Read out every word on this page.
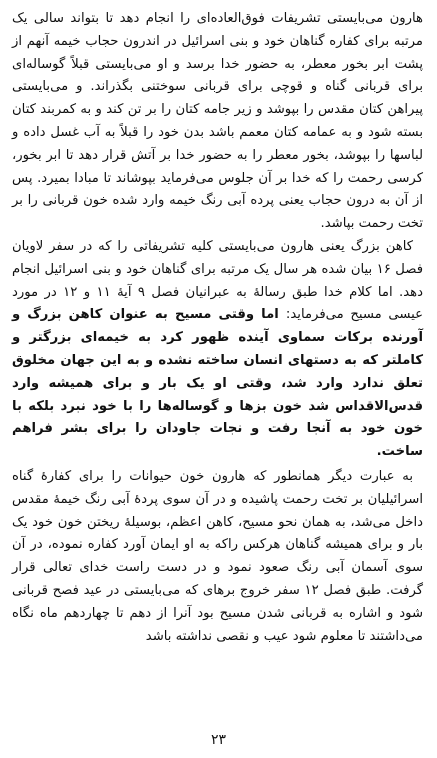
هارون می‌بایستی تشریفات فوق‌العاده‌ای را انجام دهد تا بتواند سالی یک مرتبه برای کفاره گناهان خود و بنی اسرائیل در اندرون حجاب خیمه آنهم از پشت ابر بخور معطر، به حضور خدا برسد و او می‌بایستی قبلاً گوساله‌ای برای قربانی گناه و قوچی برای قربانی سوختنی بگذراند. و می‌بایستی پیراهن کتان مقدس را بپوشد و زیر جامه کتان را بر تن کند و به کمربند کتان بسته شود و به عمامه کتان معمم باشد بدن خود را قبلاً به آب غسل داده و لباسها را بپوشد، بخور معطر را به حضور خدا بر آتش قرار دهد تا ابر بخور، کرسی رحمت را که خدا بر آن جلوس می‌فرماید بپوشاند تا مبادا بمیرد. پس از آن به درون حجاب یعنی پرده آبی رنگ خیمه وارد شده خون قربانی را بر تخت رحمت بپاشد.

کاهن بزرگ یعنی هارون می‌بایستی کلیه تشریفاتی را که در سفر لاویان فصل ۱۶ بیان شده هر سال یک مرتبه برای گناهان خود و بنی اسرائیل انجام دهد. اما کلام خدا طبق رسالهٔ به عبرانیان فصل ۹ آیهٔ ۱۱ و ۱۲ در مورد عیسی مسیح می‌فرماید: اما وقتی مسیح به عنوان کاهن بزرگ و آورنده برکات سماوی آینده ظهور کرد به خیمه‌ای بزرگتر و کاملتر که به دستهای انسان ساخته نشده و به این جهان مخلوق تعلق ندارد وارد شد، وقتی او یک بار و برای همیشه وارد قدس‌الاقداس شد خون بزها و گوساله‌ها را با خود نبرد بلکه با خون خود به آنجا رفت و نجات جاودان را برای بشر فراهم ساخت.

به عبارت دیگر همانطور که هارون خون حیوانات را برای کفارهٔ گناه اسرائیلیان بر تخت رحمت پاشیده و در آن سوی پردهٔ آبی رنگ خیمهٔ مقدس داخل می‌شد، به همان نحو مسیح، کاهن اعظم، بوسیلهٔ ریختن خون خود یک بار و برای همیشه گناهان هرکس راکه به او ایمان آورد کفاره نموده، در آن سوی آسمان آبی رنگ صعود نمود و در دست راست خدای تعالی قرار گرفت. طبق فصل ۱۲ سفر خروج برهای که می‌بایستی در عید فصح قربانی شود و اشاره به قربانی شدن مسیح بود آنرا از دهم تا چهاردهم ماه نگاه می‌داشتند تا معلوم شود عیب و نقصی نداشته باشد

۲۳
